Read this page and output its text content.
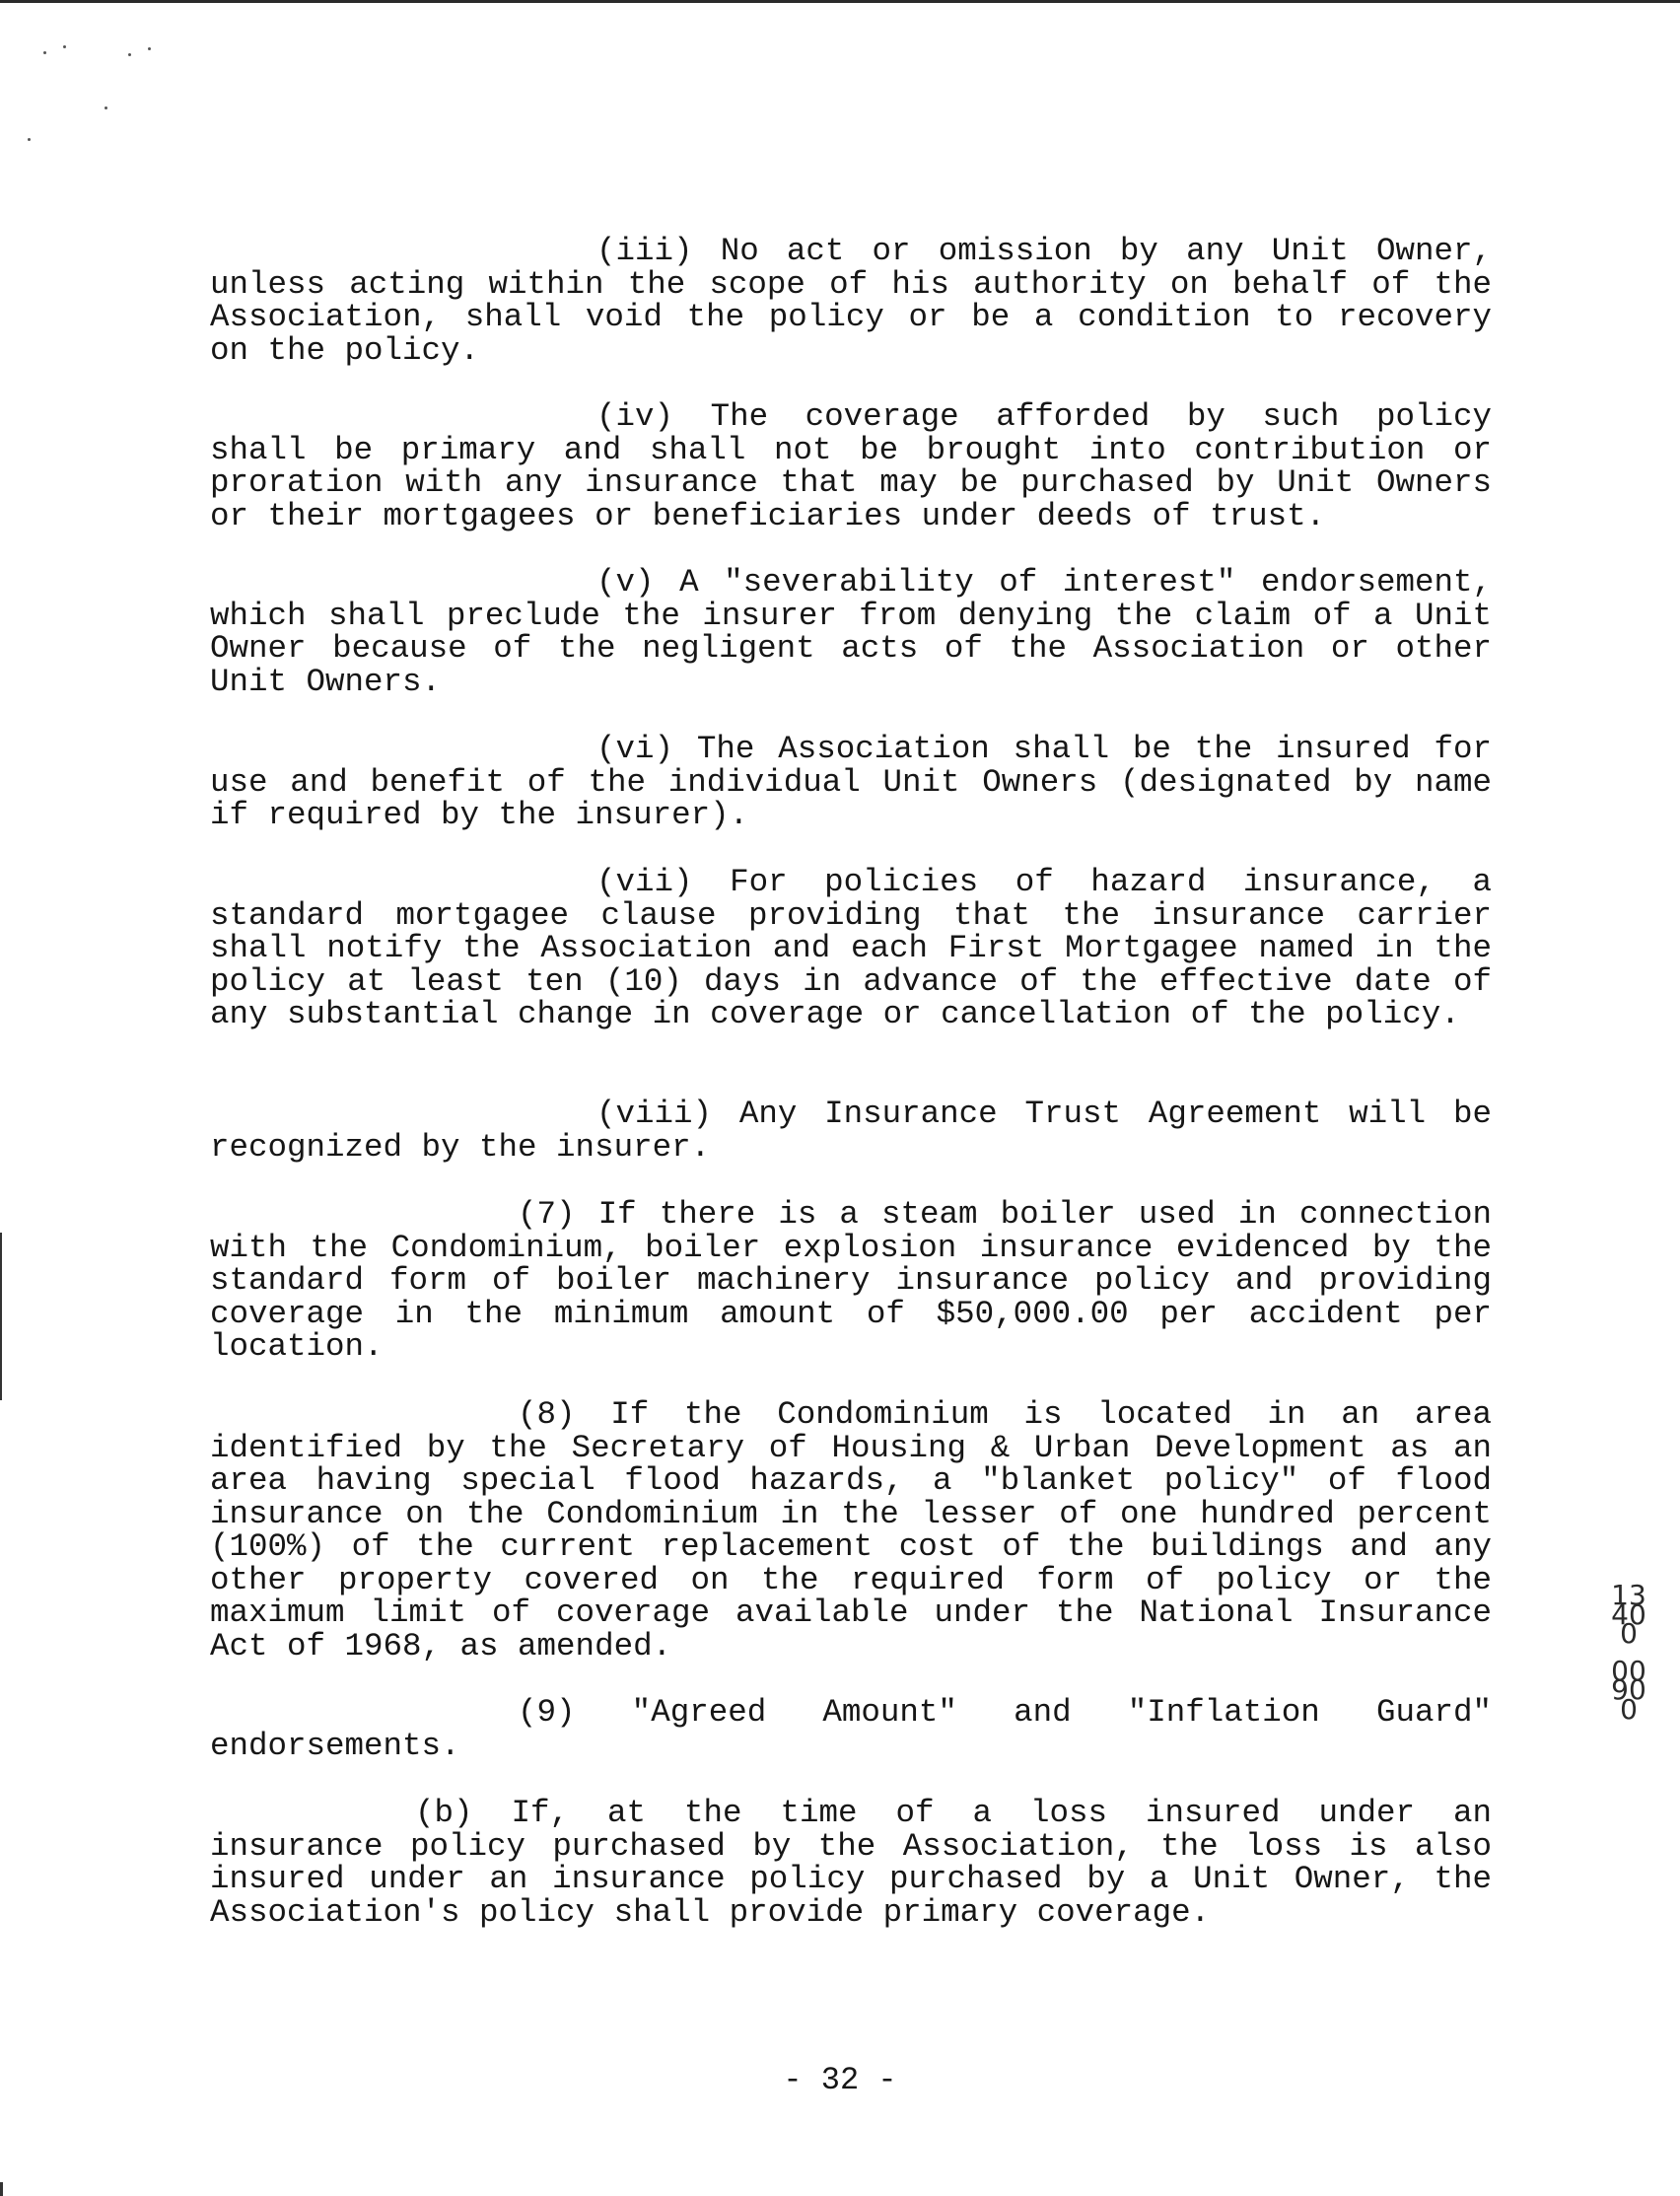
(iii) No act or omission by any Unit Owner, unless acting within the scope of his authority on behalf of the Association, shall void the policy or be a condition to recovery on the policy.

(iv) The coverage afforded by such policy shall be primary and shall not be brought into contribution or proration with any insurance that may be purchased by Unit Owners or their mortgagees or beneficiaries under deeds of trust.

(v) A "severability of interest" endorsement, which shall preclude the insurer from denying the claim of a Unit Owner because of the negligent acts of the Association or other Unit Owners.

(vi) The Association shall be the insured for use and benefit of the individual Unit Owners (designated by name if required by the insurer).

(vii) For policies of hazard insurance, a standard mortgagee clause providing that the insurance carrier shall notify the Association and each First Mortgagee named in the policy at least ten (10) days in advance of the effective date of any substantial change in coverage or cancellation of the policy.

(viii) Any Insurance Trust Agreement will be recognized by the insurer.

(7) If there is a steam boiler used in connection with the Condominium, boiler explosion insurance evidenced by the standard form of boiler machinery insurance policy and providing coverage in the minimum amount of $50,000.00 per accident per location.

(8) If the Condominium is located in an area identified by the Secretary of Housing & Urban Development as an area having special flood hazards, a "blanket policy" of flood insurance on the Condominium in the lesser of one hundred percent (100%) of the current replacement cost of the buildings and any other property covered on the required form of policy or the maximum limit of coverage available under the National Insurance Act of 1968, as amended.

(9) "Agreed Amount" and "Inflation Guard" endorsements.

(b) If, at the time of a loss insured under an insurance policy purchased by the Association, the loss is also insured under an insurance policy purchased by a Unit Owner, the Association's policy shall provide primary coverage.

- 32 -
13400
00900
